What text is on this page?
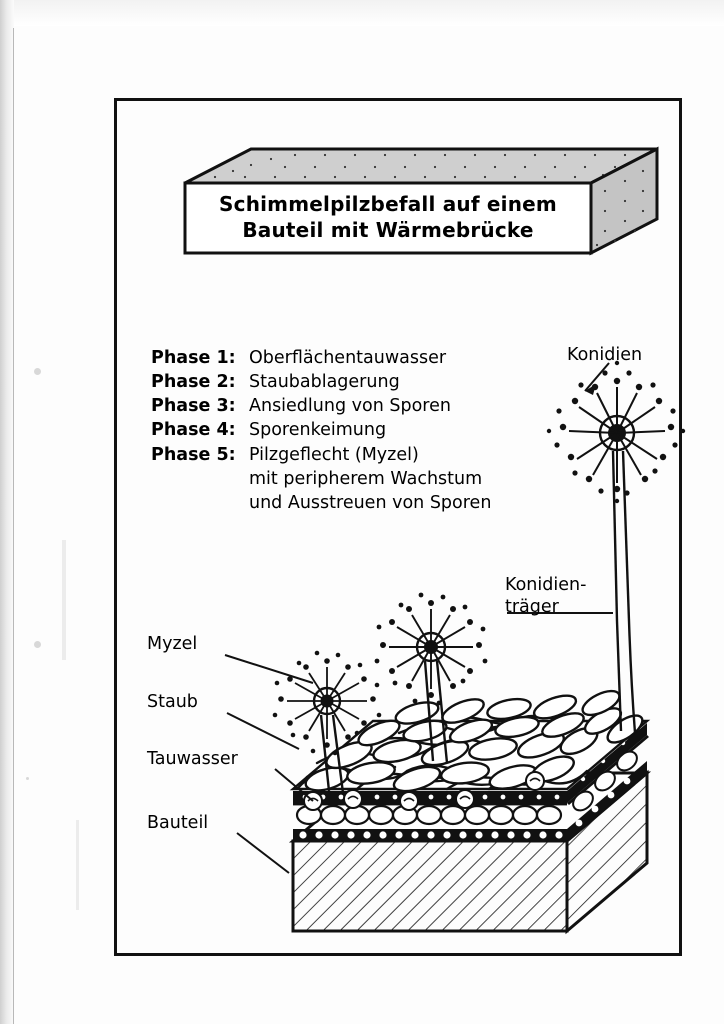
Schimmelpilzbefall auf einem
Bauteil mit Wärmebrücke
Phase 1: Oberflächentauwasser
Phase 2: Staubablagerung
Phase 3: Ansiedlung von Sporen
Phase 4: Sporenkeimung
Phase 5: Pilzgeflecht (Myzel)
mit peripherem Wachstum
und Ausstreuen von Sporen
Konidien
Konidien-
träger
Myzel
Staub
Tauwasser
Bauteil
